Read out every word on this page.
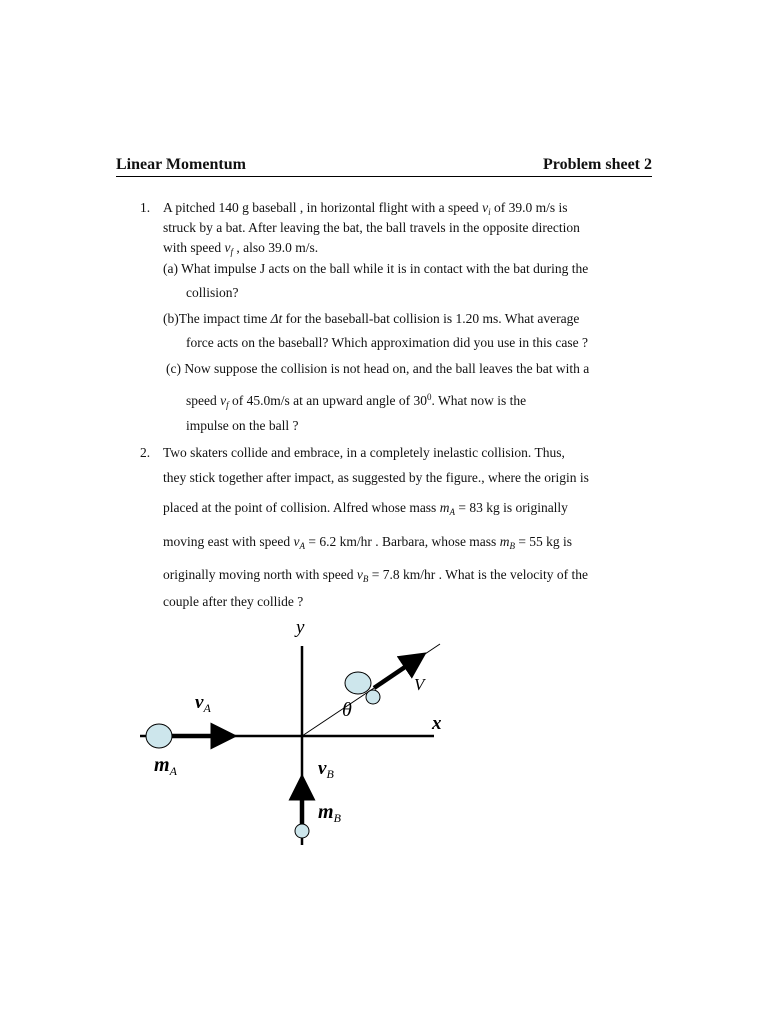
Linear Momentum	Problem sheet 2
1. A pitched 140 g baseball , in horizontal flight with a speed $v_i$ of 39.0 m/s is
struck by a bat. After leaving the bat, the ball travels in the opposite direction
with speed $v_f$ , also 39.0 m/s.
(a) What impulse J acts on the ball while it is in contact with the bat during the
collision?
(b)The impact time Δt for the baseball-bat collision is 1.20 ms. What average
force acts on the baseball? Which approximation did you use in this case ?
(c) Now suppose the collision is not head on, and the ball leaves the bat with a
speed $v_f$ of 45.0m/s at an upward angle of $30^0$. What now is the
impulse on the ball ?
2. Two skaters collide and embrace, in a completely inelastic collision. Thus,
they stick together after impact, as suggested by the figure., where the origin is
placed at the point of collision. Alfred whose mass $m_A = 83$ kg is originally
moving east with speed $v_A = 6.2$ km/hr . Barbara, whose mass $m_B = 55$ kg is
originally moving north with speed $v_B = 7.8$ km/hr . What is the velocity of the
couple after they collide ?
y
x
V
θ
$v_A$
$m_A$	$v_B$
$m_B$
